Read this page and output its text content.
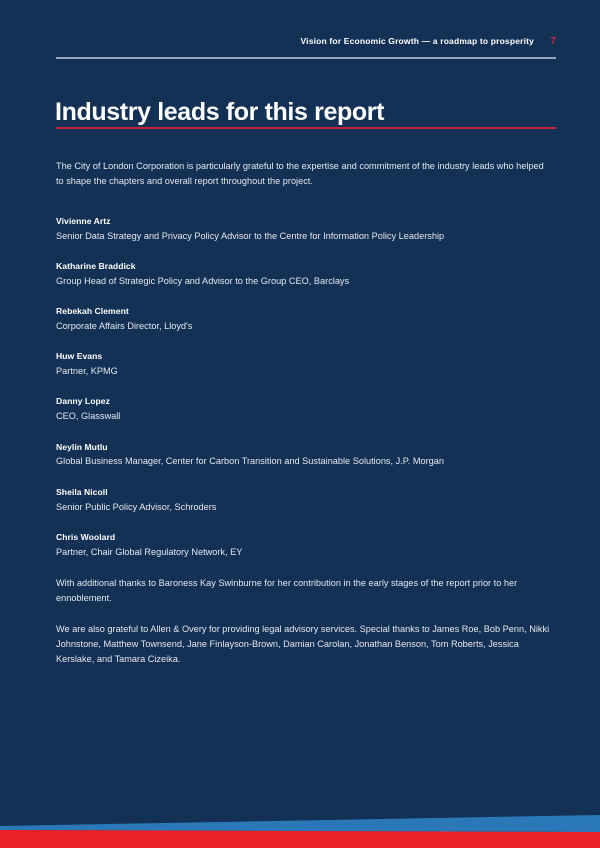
Vision for Economic Growth — a roadmap to prosperity 7
Industry leads for this report

The City of London Corporation is particularly grateful to the expertise and commitment of the industry leads who helped to shape the chapters and overall report throughout the project.

Vivienne Artz
Senior Data Strategy and Privacy Policy Advisor to the Centre for Information Policy Leadership
Katharine Braddick
Group Head of Strategic Policy and Advisor to the Group CEO, Barclays
Rebekah Clement
Corporate Affairs Director, Lloyd's
Huw Evans
Partner, KPMG
Danny Lopez
CEO, Glasswall
Neylin Mutlu
Global Business Manager, Center for Carbon Transition and Sustainable Solutions, J.P. Morgan
Sheila Nicoll
Senior Public Policy Advisor, Schroders
Chris Woolard
Partner, Chair Global Regulatory Network, EY

With additional thanks to Baroness Kay Swinburne for her contribution in the early stages of the report prior to her ennoblement.

We are also grateful to Allen & Overy for providing legal advisory services. Special thanks to James Roe, Bob Penn, Nikki Johnstone, Matthew Townsend, Jane Finlayson-Brown, Damian Carolan, Jonathan Benson, Tom Roberts, Jessica Kerslake, and Tamara Cizeika.
